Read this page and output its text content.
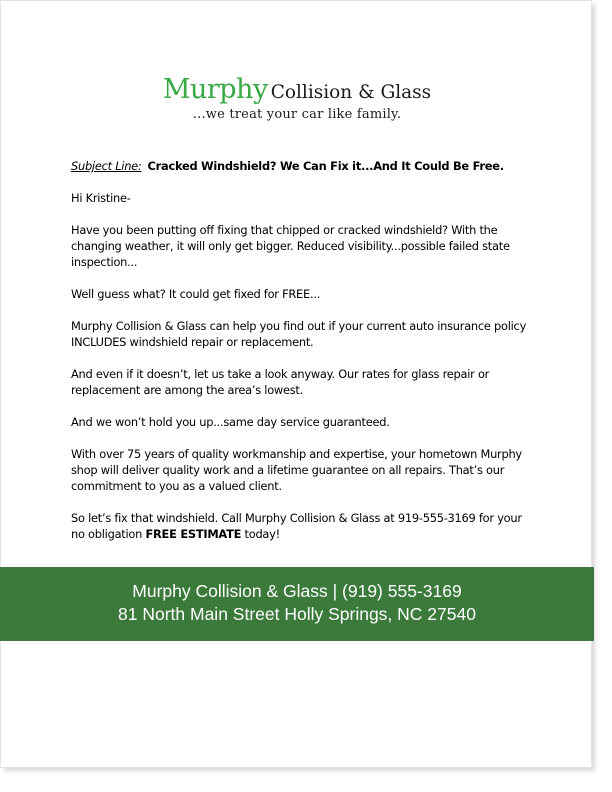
Murphy Collision & Glass
...we treat your car like family.

Subject Line: Cracked Windshield? We Can Fix it...And It Could Be Free.

Hi Kristine-

Have you been putting off fixing that chipped or cracked windshield? With the changing weather, it will only get bigger. Reduced visibility...possible failed state inspection...

Well guess what? It could get fixed for FREE...

Murphy Collision & Glass can help you find out if your current auto insurance policy INCLUDES windshield repair or replacement.

And even if it doesn’t, let us take a look anyway. Our rates for glass repair or replacement are among the area’s lowest.

And we won’t hold you up...same day service guaranteed.

With over 75 years of quality workmanship and expertise, your hometown Murphy shop will deliver quality work and a lifetime guarantee on all repairs. That’s our commitment to you as a valued client.

So let’s fix that windshield. Call Murphy Collision & Glass at 919-555-3169 for your no obligation FREE ESTIMATE today!

Murphy Collision & Glass | (919) 555-3169
81 North Main Street Holly Springs, NC 27540
